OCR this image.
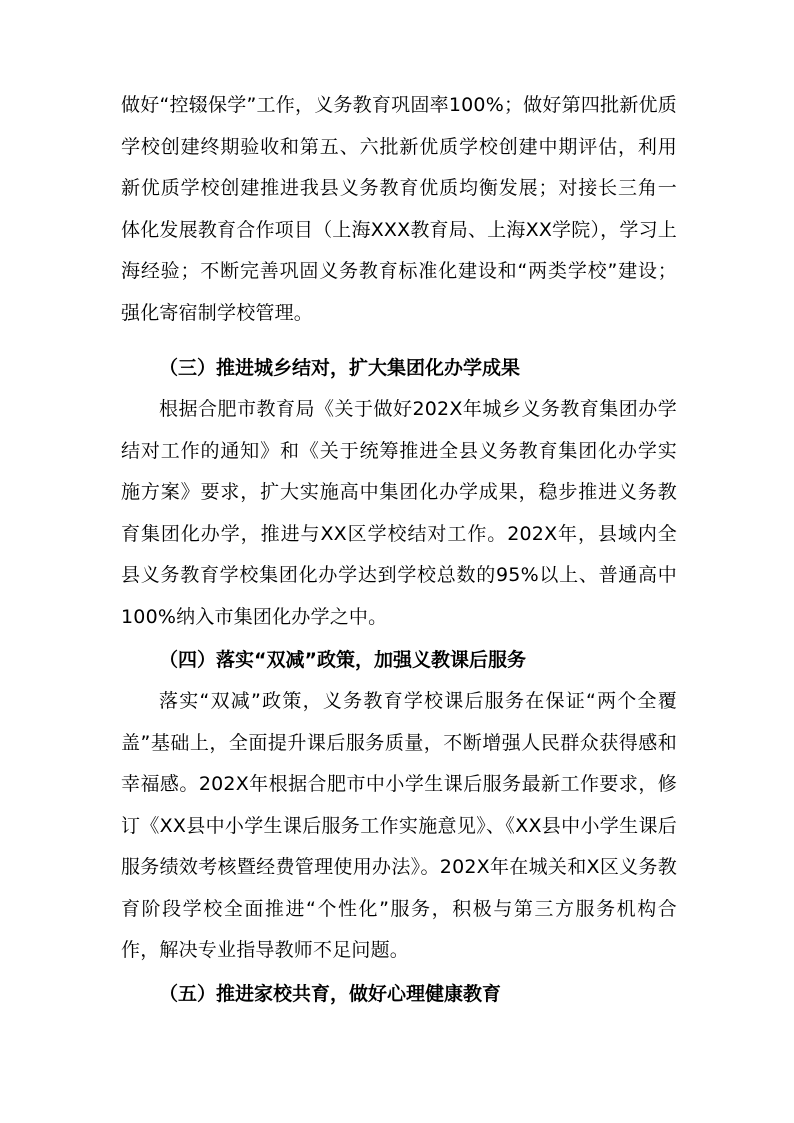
做好“控辍保学”工作，义务教育巩固率100%；做好第四批新优质学校创建终期验收和第五、六批新优质学校创建中期评估，利用新优质学校创建推进我县义务教育优质均衡发展；对接长三角一体化发展教育合作项目（上海XXX教育局、上海XX学院），学习上海经验；不断完善巩固义务教育标准化建设和“两类学校”建设；强化寄宿制学校管理。

（三）推进城乡结对，扩大集团化办学成果

根据合肥市教育局《关于做好202X年城乡义务教育集团办学结对工作的通知》和《关于统筹推进全县义务教育集团化办学实施方案》要求，扩大实施高中集团化办学成果，稳步推进义务教育集团化办学，推进与XX区学校结对工作。202X年，县域内全县义务教育学校集团化办学达到学校总数的95%以上、普通高中100%纳入市集团化办学之中。

（四）落实“双减”政策，加强义教课后服务

落实“双减”政策，义务教育学校课后服务在保证“两个全覆盖”基础上，全面提升课后服务质量，不断增强人民群众获得感和幸福感。202X年根据合肥市中小学生课后服务最新工作要求，修订《XX县中小学生课后服务工作实施意见》、《XX县中小学生课后服务绩效考核暨经费管理使用办法》。202X年在城关和X区义务教育阶段学校全面推进“个性化”服务，积极与第三方服务机构合作，解决专业指导教师不足问题。

（五）推进家校共育，做好心理健康教育
